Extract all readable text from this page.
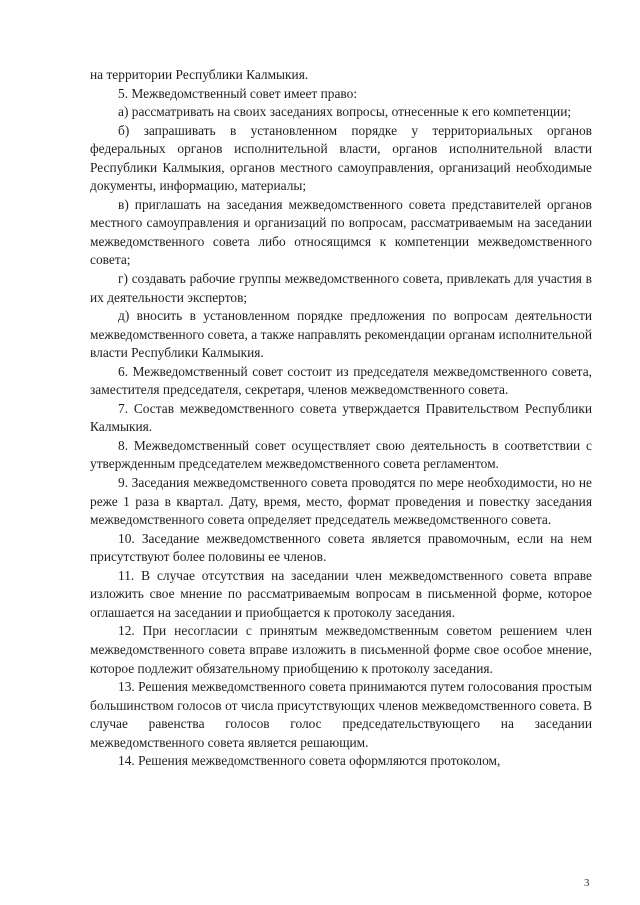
на территории Республики Калмыкия.

5. Межведомственный совет имеет право:

а) рассматривать на своих заседаниях вопросы, отнесенные к его компетенции;

б) запрашивать в установленном порядке у территориальных органов федеральных органов исполнительной власти, органов исполнительной власти Республики Калмыкия, органов местного самоуправления, организаций необходимые документы, информацию, материалы;

в) приглашать на заседания межведомственного совета представителей органов местного самоуправления и организаций по вопросам, рассматриваемым на заседании межведомственного совета либо относящимся к компетенции межведомственного совета;

г) создавать рабочие группы межведомственного совета, привлекать для участия в их деятельности экспертов;

д) вносить в установленном порядке предложения по вопросам деятельности межведомственного совета, а также направлять рекомендации органам исполнительной власти Республики Калмыкия.

6. Межведомственный совет состоит из председателя межведомственного совета, заместителя председателя, секретаря, членов межведомственного совета.

7. Состав межведомственного совета утверждается Правительством Республики Калмыкия.

8. Межведомственный совет осуществляет свою деятельность в соответствии с утвержденным председателем межведомственного совета регламентом.

9. Заседания межведомственного совета проводятся по мере необходимости, но не реже 1 раза в квартал. Дату, время, место, формат проведения и повестку заседания межведомственного совета определяет председатель межведомственного совета.

10. Заседание межведомственного совета является правомочным, если на нем присутствуют более половины ее членов.

11. В случае отсутствия на заседании член межведомственного совета вправе изложить свое мнение по рассматриваемым вопросам в письменной форме, которое оглашается на заседании и приобщается к протоколу заседания.

12. При несогласии с принятым межведомственным советом решением член межведомственного совета вправе изложить в письменной форме свое особое мнение, которое подлежит обязательному приобщению к протоколу заседания.

13. Решения межведомственного совета принимаются путем голосования простым большинством голосов от числа присутствующих членов межведомственного совета. В случае равенства голосов голос председательствующего на заседании межведомственного совета является решающим.

14. Решения межведомственного совета оформляются протоколом,

3
